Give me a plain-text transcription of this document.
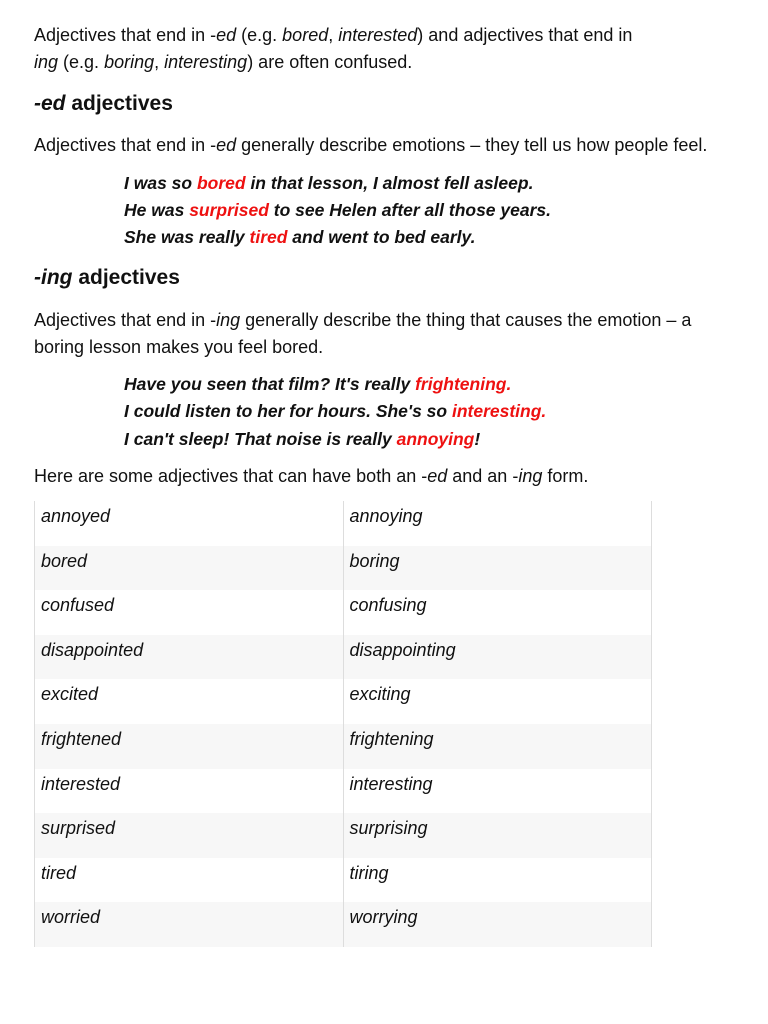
Adjectives that end in -ed (e.g. bored, interested) and adjectives that end in
ing (e.g. boring, interesting) are often confused.

-ed adjectives

Adjectives that end in -ed generally describe emotions – they tell us how people feel.

I was so bored in that lesson, I almost fell asleep.

He was surprised to see Helen after all those years.

She was really tired and went to bed early.

-ing adjectives

Adjectives that end in -ing generally describe the thing that causes the emotion – a
boring lesson makes you feel bored.

Have you seen that film? It's really frightening.

I could listen to her for hours. She's so interesting.

I can't sleep! That noise is really annoying!

Here are some adjectives that can have both an -ed and an -ing form.

annoyed	annoying
bored	boring
confused	confusing
disappointed	disappointing
excited	exciting
frightened	frightening
interested	interesting
surprised	surprising
tired	tiring
worried	worrying
